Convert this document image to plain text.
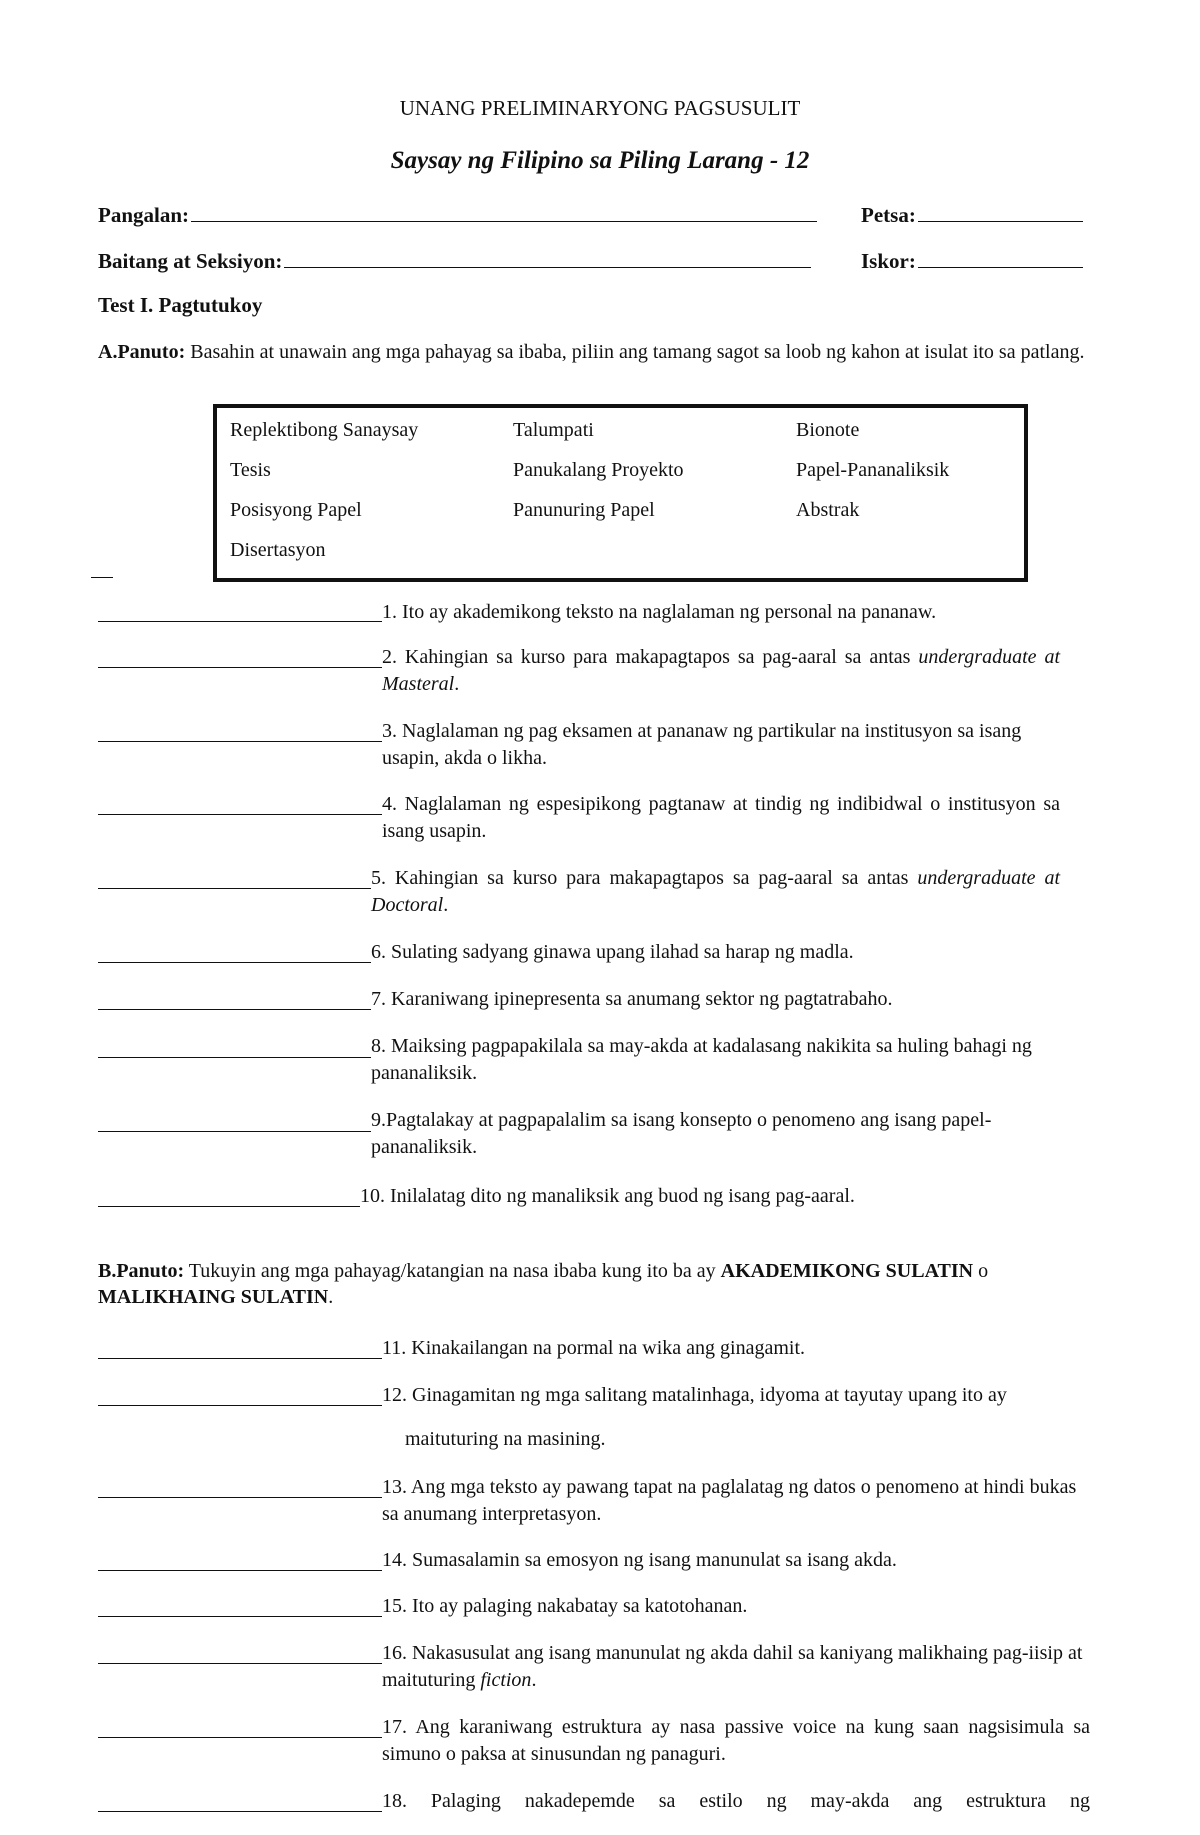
UNANG PRELIMINARYONG PAGSUSULIT
Saysay ng Filipino sa Piling Larang - 12
Pangalan:	Petsa:
Baitang at Seksiyon:	Iskor:
Test I. Pagtutukoy
A.Panuto: Basahin at unawain ang mga pahayag sa ibaba, piliin ang tamang sagot sa loob ng kahon at isulat ito sa patlang.
Replektibong Sanaysay	Talumpati	Bionote
Tesis	Panukalang Proyekto	Papel-Pananaliksik
Posisyong Papel	Panunuring Papel	Abstrak
Disertasyon
1. Ito ay akademikong teksto na naglalaman ng personal na pananaw.
2. Kahingian sa kurso para makapagtapos sa pag-aaral sa antas undergraduate at Masteral.
3. Naglalaman ng pag eksamen at pananaw ng partikular na institusyon sa isang usapin, akda o likha.
4. Naglalaman ng espesipikong pagtanaw at tindig ng indibidwal o institusyon sa isang usapin.
5. Kahingian sa kurso para makapagtapos sa pag-aaral sa antas undergraduate at Doctoral.
6. Sulating sadyang ginawa upang ilahad sa harap ng madla.
7. Karaniwang ipinepresenta sa anumang sektor ng pagtatrabaho.
8. Maiksing pagpapakilala sa may-akda at kadalasang nakikita sa huling bahagi ng pananaliksik.
9.Pagtalakay at pagpapalalim sa isang konsepto o penomeno ang isang papel-pananaliksik.
10. Inilalatag dito ng manaliksik ang buod ng isang pag-aaral.
B.Panuto: Tukuyin ang mga pahayag/katangian na nasa ibaba kung ito ba ay AKADEMIKONG SULATIN o MALIKHAING SULATIN.
11. Kinakailangan na pormal na wika ang ginagamit.
12. Ginagamitan ng mga salitang matalinhaga, idyoma at tayutay upang ito ay
maituturing na masining.
13. Ang mga teksto ay pawang tapat na paglalatag ng datos o penomeno at hindi bukas sa anumang interpretasyon.
14. Sumasalamin sa emosyon ng isang manunulat sa isang akda.
15. Ito ay palaging nakabatay sa katotohanan.
16. Nakasusulat ang isang manunulat ng akda dahil sa kaniyang malikhaing pag-iisip at maituturing fiction.
17. Ang karaniwang estruktura ay nasa passive voice na kung saan nagsisimula sa simuno o paksa at sinusundan ng panaguri.
18. Palaging nakadepemde sa estilo ng may-akda ang estruktura ng
